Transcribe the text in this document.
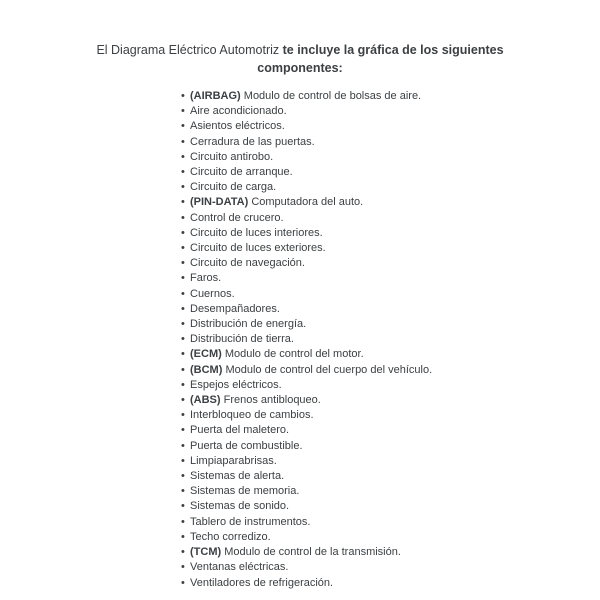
El Diagrama Eléctrico Automotriz te incluye la gráfica de los siguientes
componentes:

• (AIRBAG) Modulo de control de bolsas de aire.
• Aire acondicionado.
• Asientos eléctricos.
• Cerradura de las puertas.
• Circuito antirobo.
• Circuito de arranque.
• Circuito de carga.
• (PIN-DATA) Computadora del auto.
• Control de crucero.
• Circuito de luces interiores.
• Circuito de luces exteriores.
• Circuito de navegación.
• Faros.
• Cuernos.
• Desempañadores.
• Distribución de energía.
• Distribución de tierra.
• (ECM) Modulo de control del motor.
• (BCM) Modulo de control del cuerpo del vehículo.
• Espejos eléctricos.
• (ABS) Frenos antibloqueo.
• Interbloqueo de cambios.
• Puerta del maletero.
• Puerta de combustible.
• Limpiaparabrisas.
• Sistemas de alerta.
• Sistemas de memoria.
• Sistemas de sonido.
• Tablero de instrumentos.
• Techo corredizo.
• (TCM) Modulo de control de la transmisión.
• Ventanas eléctricas.
• Ventiladores de refrigeración.
